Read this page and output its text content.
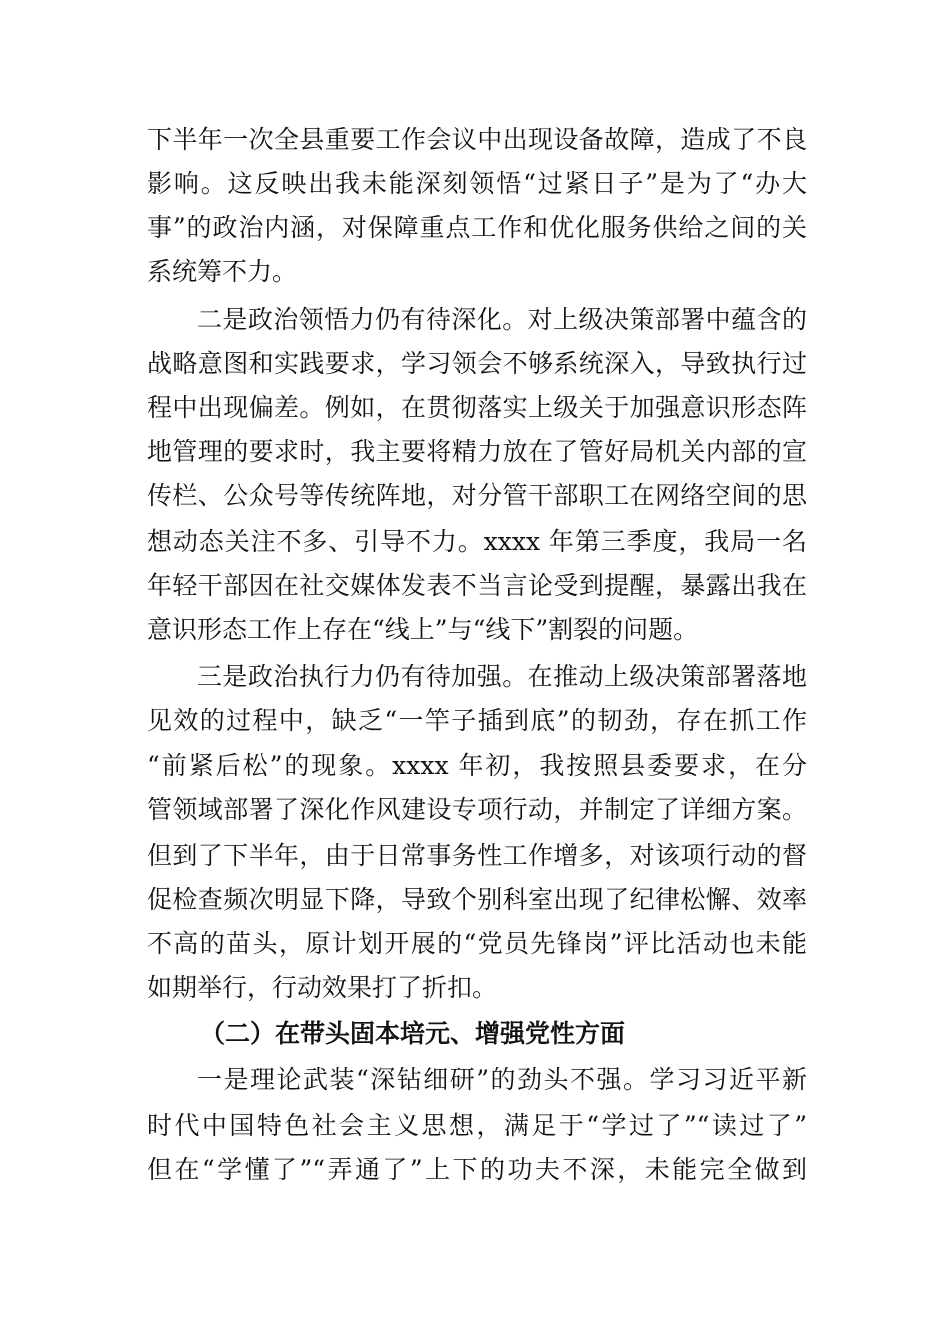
下半年一次全县重要工作会议中出现设备故障，造成了不良
影响。这反映出我未能深刻领悟“过紧日子”是为了“办大
事”的政治内涵，对保障重点工作和优化服务供给之间的关
系统筹不力。
二是政治领悟力仍有待深化。对上级决策部署中蕴含的
战略意图和实践要求，学习领会不够系统深入，导致执行过
程中出现偏差。例如，在贯彻落实上级关于加强意识形态阵
地管理的要求时，我主要将精力放在了管好局机关内部的宣
传栏、公众号等传统阵地，对分管干部职工在网络空间的思
想动态关注不多、引导不力。xxxx 年第三季度，我局一名
年轻干部因在社交媒体发表不当言论受到提醒，暴露出我在
意识形态工作上存在“线上”与“线下”割裂的问题。
三是政治执行力仍有待加强。在推动上级决策部署落地
见效的过程中，缺乏“一竿子插到底”的韧劲，存在抓工作
“前紧后松”的现象。xxxx 年初，我按照县委要求，在分
管领域部署了深化作风建设专项行动，并制定了详细方案。
但到了下半年，由于日常事务性工作增多，对该项行动的督
促检查频次明显下降，导致个别科室出现了纪律松懈、效率
不高的苗头，原计划开展的“党员先锋岗”评比活动也未能
如期举行，行动效果打了折扣。
（二）在带头固本培元、增强党性方面
一是理论武装“深钻细研”的劲头不强。学习习近平新
时代中国特色社会主义思想，满足于“学过了”“读过了”
但在“学懂了”“弄通了”上下的功夫不深，未能完全做到
